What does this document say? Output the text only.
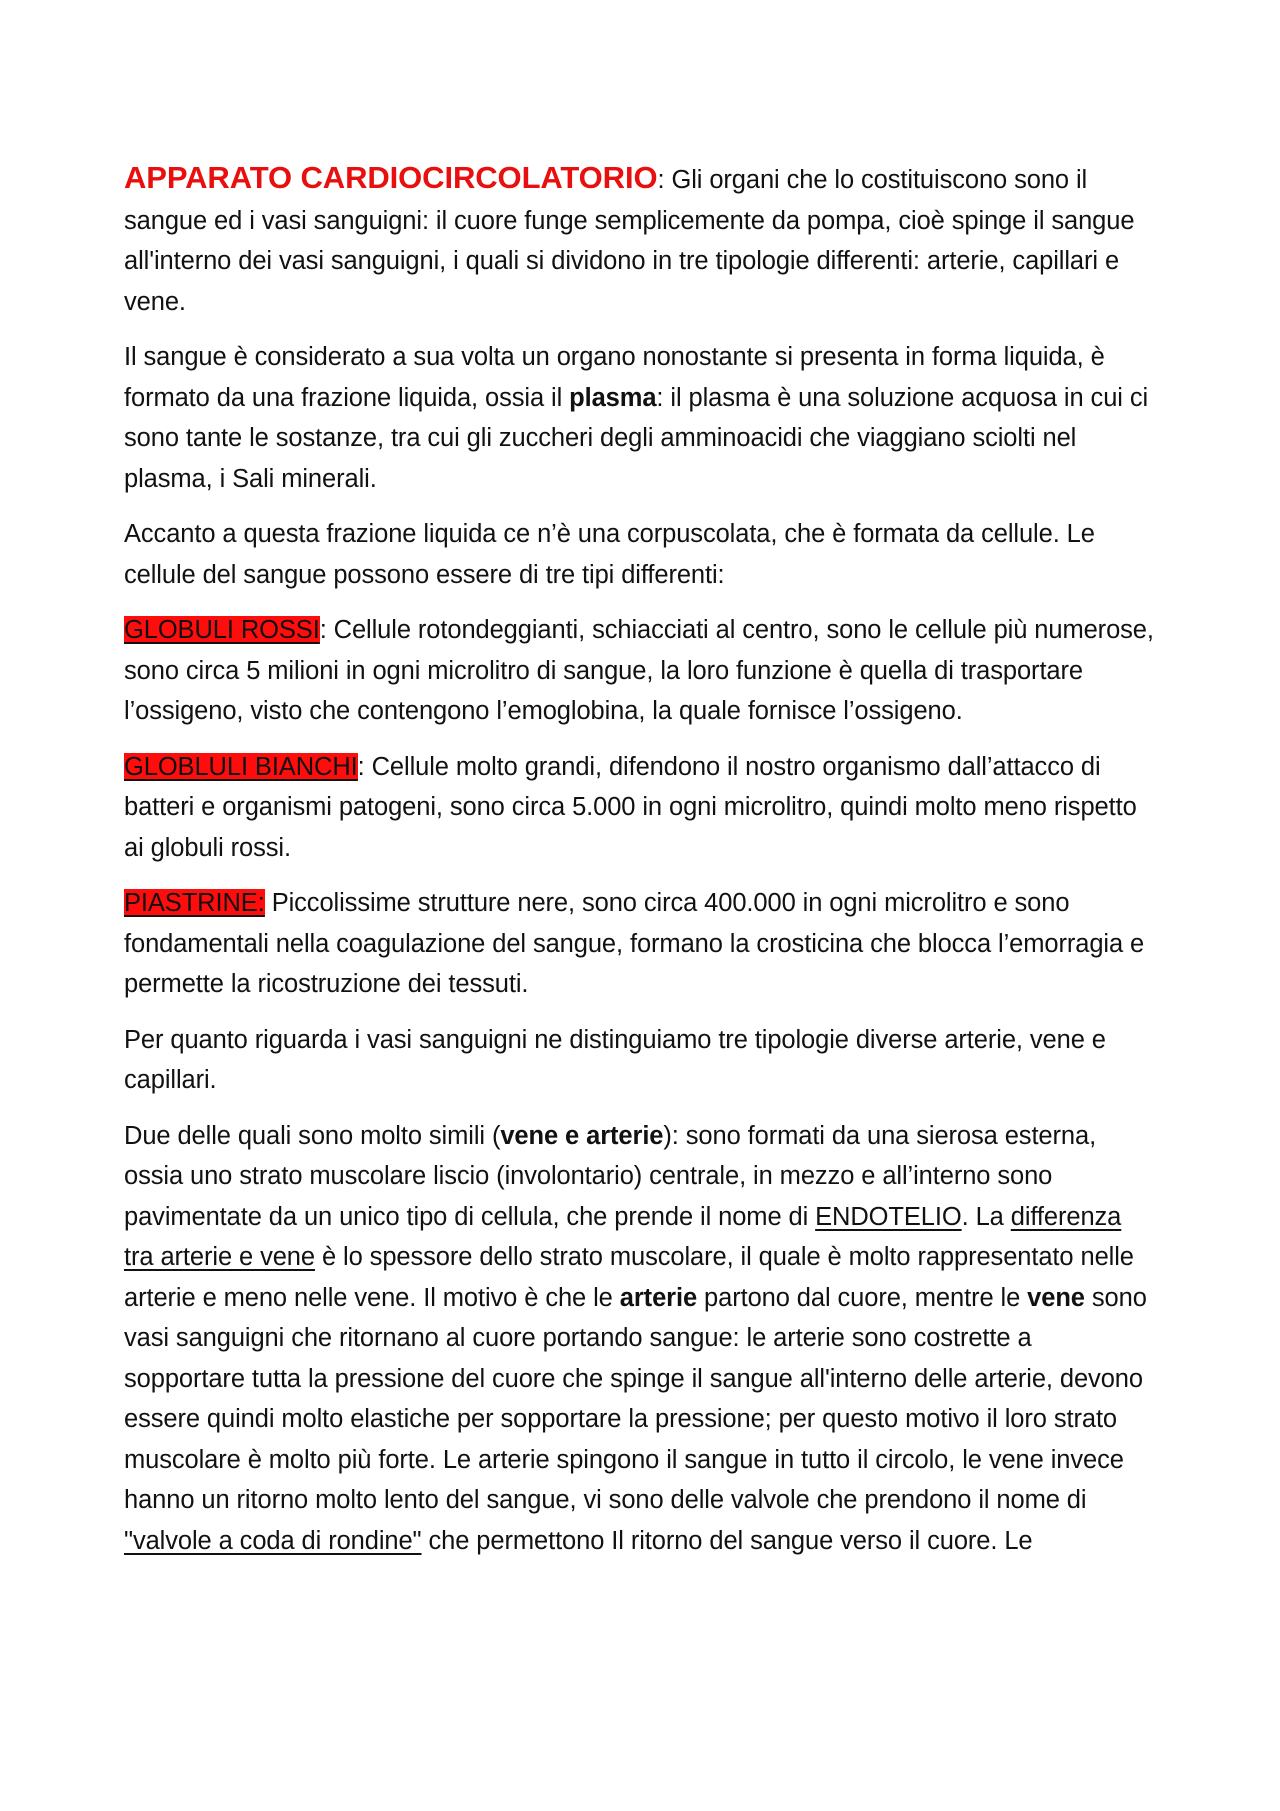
APPARATO CARDIOCIRCOLATORIO: Gli organi che lo costituiscono sono il sangue ed i vasi sanguigni: il cuore funge semplicemente da pompa, cioè spinge il sangue all'interno dei vasi sanguigni, i quali si dividono in tre tipologie differenti: arterie, capillari e vene.

Il sangue è considerato a sua volta un organo nonostante si presenta in forma liquida, è formato da una frazione liquida, ossia il plasma: il plasma è una soluzione acquosa in cui ci sono tante le sostanze, tra cui gli zuccheri degli amminoacidi che viaggiano sciolti nel plasma, i Sali minerali.

Accanto a questa frazione liquida ce n’è una corpuscolata, che è formata da cellule. Le cellule del sangue possono essere di tre tipi differenti:

GLOBULI ROSSI: Cellule rotondeggianti, schiacciati al centro, sono le cellule più numerose, sono circa 5 milioni in ogni microlitro di sangue, la loro funzione è quella di trasportare l’ossigeno, visto che contengono l’emoglobina, la quale fornisce l’ossigeno.

GLOBLULI BIANCHI: Cellule molto grandi, difendono il nostro organismo dall’attacco di batteri e organismi patogeni, sono circa 5.000 in ogni microlitro, quindi molto meno rispetto ai globuli rossi.

PIASTRINE: Piccolissime strutture nere, sono circa 400.000 in ogni microlitro e sono fondamentali nella coagulazione del sangue, formano la crosticina che blocca l’emorragia e permette la ricostruzione dei tessuti.

Per quanto riguarda i vasi sanguigni ne distinguiamo tre tipologie diverse arterie, vene e capillari.

Due delle quali sono molto simili (vene e arterie): sono formati da una sierosa esterna, ossia uno strato muscolare liscio (involontario) centrale, in mezzo e all’interno sono pavimentate da un unico tipo di cellula, che prende il nome di ENDOTELIO. La differenza tra arterie e vene è lo spessore dello strato muscolare, il quale è molto rappresentato nelle arterie e meno nelle vene. Il motivo è che le arterie partono dal cuore, mentre le vene sono vasi sanguigni che ritornano al cuore portando sangue: le arterie sono costrette a sopportare tutta la pressione del cuore che spinge il sangue all'interno delle arterie, devono essere quindi molto elastiche per sopportare la pressione; per questo motivo il loro strato muscolare è molto più forte. Le arterie spingono il sangue in tutto il circolo, le vene invece hanno un ritorno molto lento del sangue, vi sono delle valvole che prendono il nome di "valvole a coda di rondine" che permettono Il ritorno del sangue verso il cuore. Le
